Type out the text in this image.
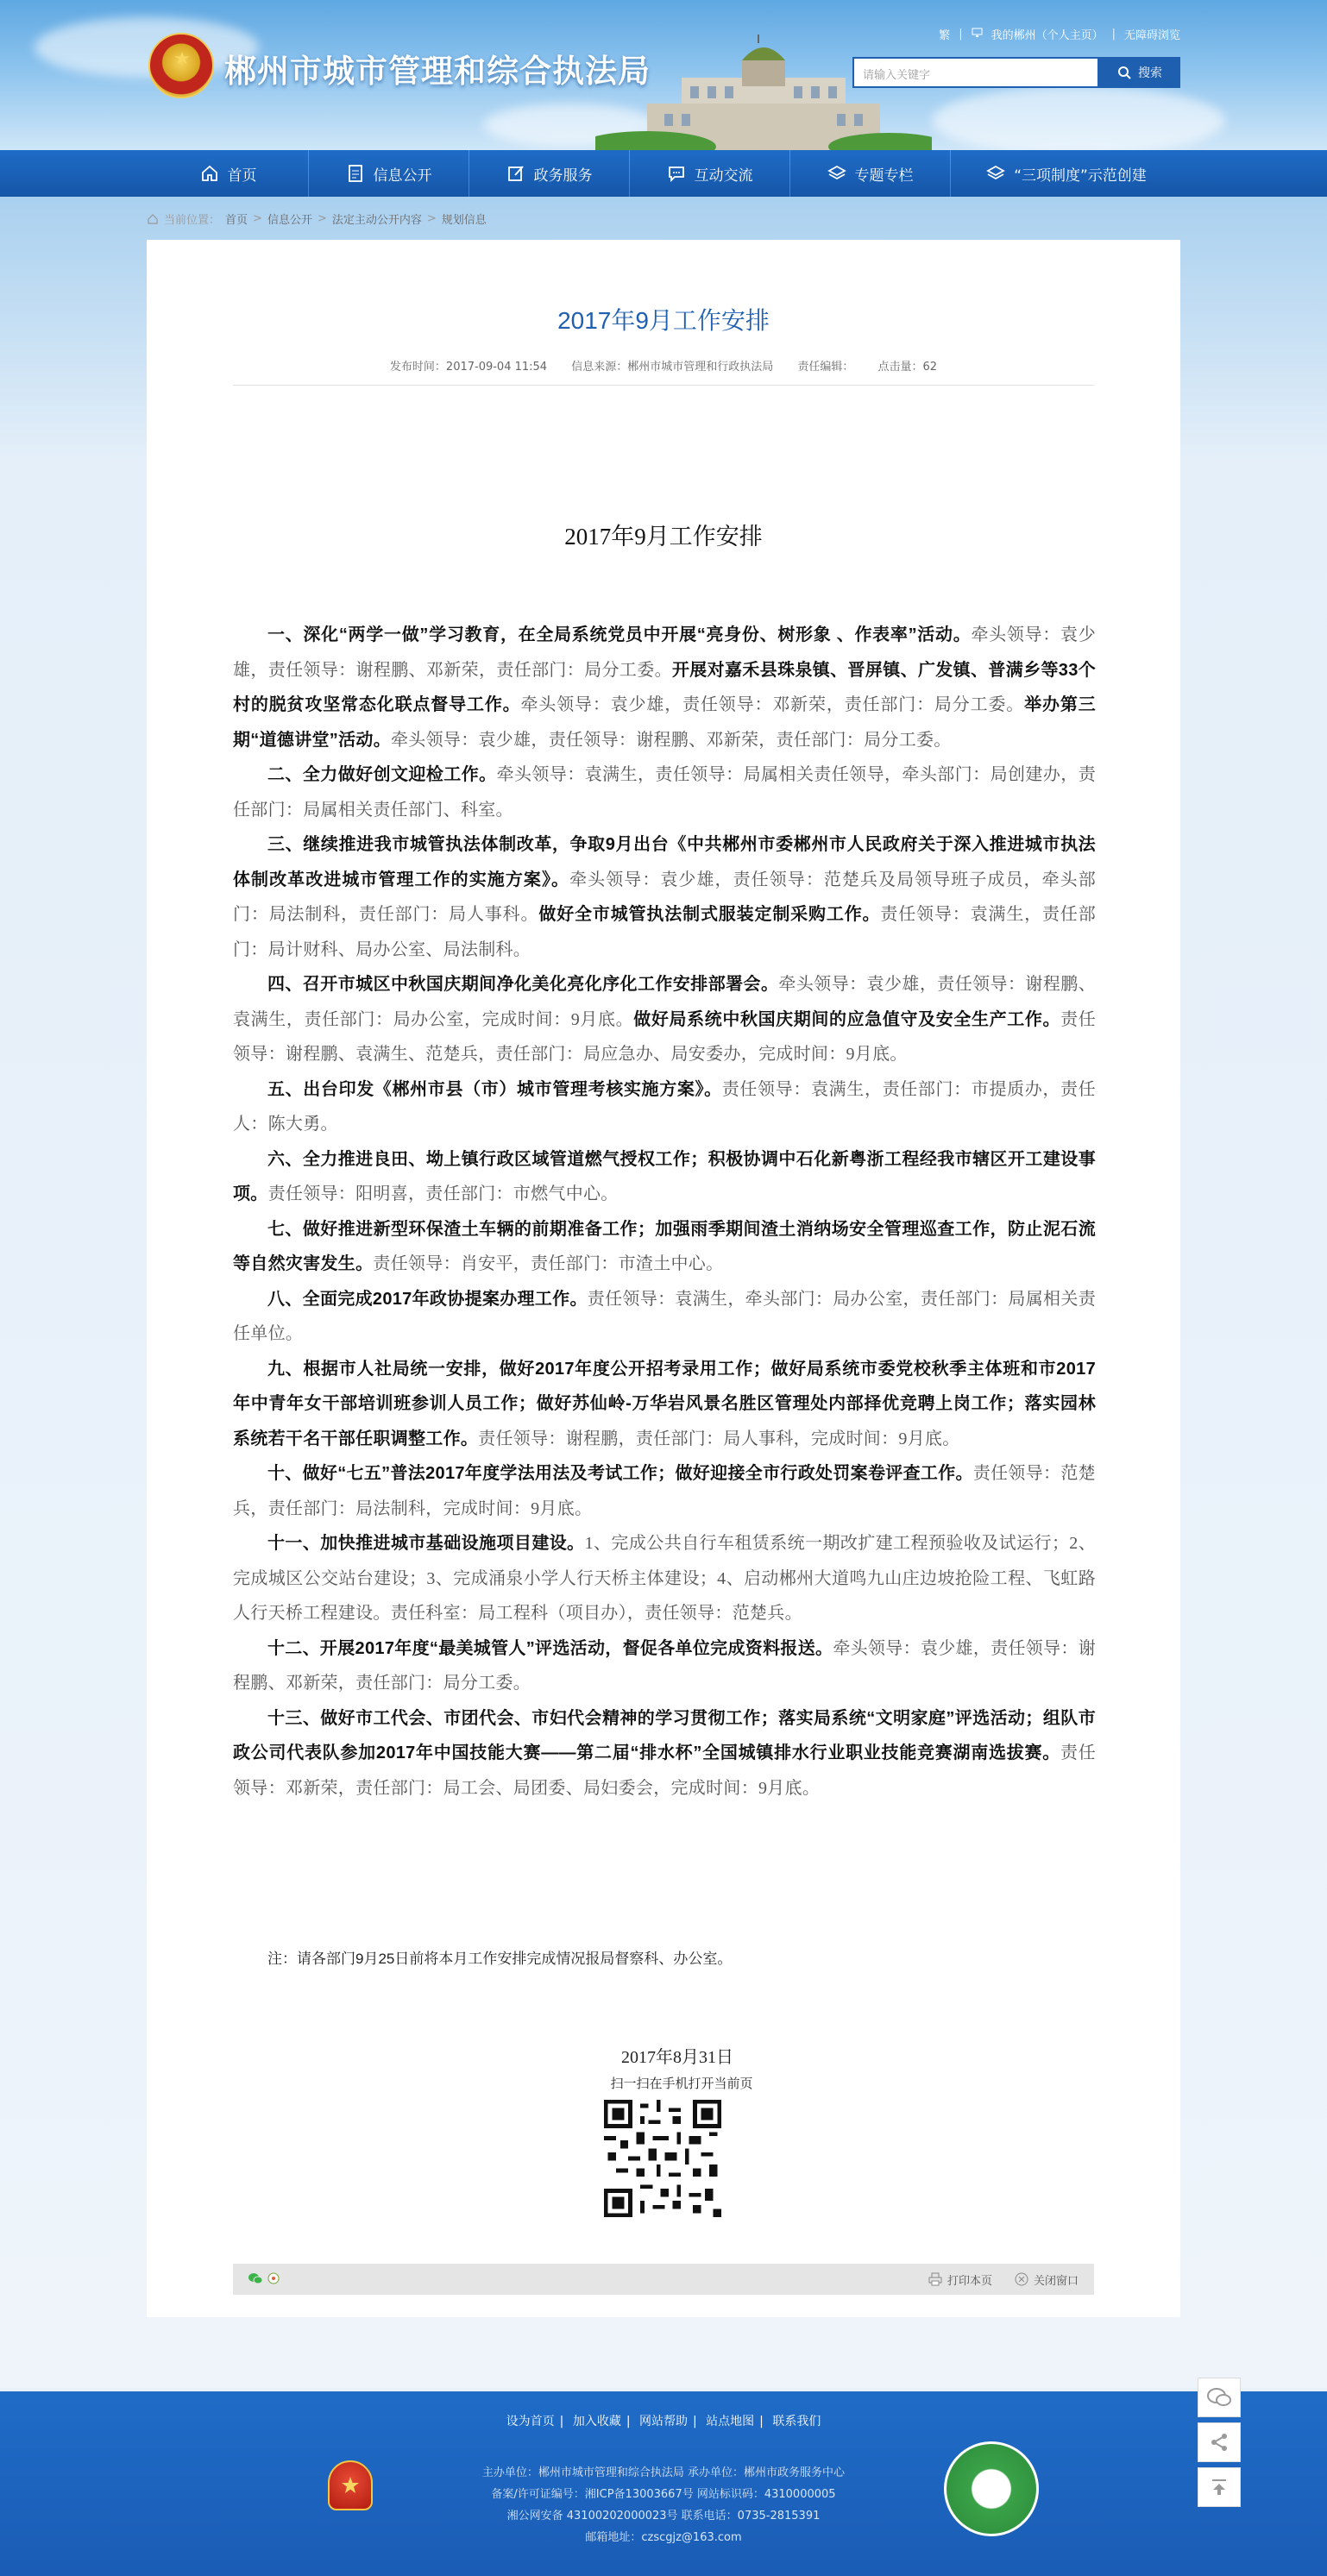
郴州市城市管理和综合执法局
繁 |	我的郴州（个人主页） | 无障碍浏览
请输入关键字	搜索
首页	信息公开	政务服务	互动交流	专题专栏	“三项制度”示范创建
当前位置： 首页 > 信息公开 > 法定主动公开内容 > 规划信息
2017年9月工作安排
发布时间：2017-09-04 11:54 信息来源：郴州市城市管理和行政执法局 责任编辑： 点击量：62
2017年9月工作安排

一、深化“两学一做”学习教育，在全局系统党员中开展“亮身份、树形象 、作表率”活动。牵头领导：袁少雄，责任领导：谢程鹏、邓新荣，责任部门：局分工委。开展对嘉禾县珠泉镇、晋屏镇、广发镇、普满乡等33个村的脱贫攻坚常态化联点督导工作。牵头领导：袁少雄，责任领导：邓新荣，责任部门：局分工委。举办第三期“道德讲堂”活动。牵头领导：袁少雄，责任领导：谢程鹏、邓新荣，责任部门：局分工委。

二、全力做好创文迎检工作。牵头领导：袁满生，责任领导：局属相关责任领导，牵头部门：局创建办，责任部门：局属相关责任部门、科室。

三、继续推进我市城管执法体制改革，争取9月出台《中共郴州市委郴州市人民政府关于深入推进城市执法体制改革改进城市管理工作的实施方案》。牵头领导：袁少雄，责任领导：范楚兵及局领导班子成员，牵头部门：局法制科，责任部门：局人事科。做好全市城管执法制式服装定制采购工作。责任领导：袁满生，责任部门：局计财科、局办公室、局法制科。

四、召开市城区中秋国庆期间净化美化亮化序化工作安排部署会。牵头领导：袁少雄，责任领导：谢程鹏、袁满生，责任部门：局办公室，完成时间：9月底。做好局系统中秋国庆期间的应急值守及安全生产工作。责任领导：谢程鹏、袁满生、范楚兵，责任部门：局应急办、局安委办，完成时间：9月底。

五、出台印发《郴州市县（市）城市管理考核实施方案》。责任领导：袁满生，责任部门：市提质办，责任人：陈大勇。

六、全力推进良田、坳上镇行政区域管道燃气授权工作；积极协调中石化新粤浙工程经我市辖区开工建设事项。责任领导：阳明喜，责任部门：市燃气中心。

七、做好推进新型环保渣土车辆的前期准备工作；加强雨季期间渣土消纳场安全管理巡查工作，防止泥石流等自然灾害发生。责任领导：肖安平，责任部门：市渣土中心。

八、全面完成2017年政协提案办理工作。责任领导：袁满生，牵头部门：局办公室，责任部门：局属相关责任单位。

九、根据市人社局统一安排，做好2017年度公开招考录用工作；做好局系统市委党校秋季主体班和市2017年中青年女干部培训班参训人员工作；做好苏仙岭-万华岩风景名胜区管理处内部择优竞聘上岗工作；落实园林系统若干名干部任职调整工作。责任领导：谢程鹏，责任部门：局人事科，完成时间：9月底。

十、做好“七五”普法2017年度学法用法及考试工作；做好迎接全市行政处罚案卷评查工作。责任领导：范楚兵，责任部门：局法制科，完成时间：9月底。

十一、加快推进城市基础设施项目建设。1、完成公共自行车租赁系统一期改扩建工程预验收及试运行；2、完成城区公交站台建设；3、完成涌泉小学人行天桥主体建设；4、启动郴州大道鸣九山庄边坡抢险工程、飞虹路人行天桥工程建设。责任科室：局工程科（项目办），责任领导：范楚兵。

十二、开展2017年度“最美城管人”评选活动，督促各单位完成资料报送。牵头领导：袁少雄，责任领导：谢程鹏、邓新荣，责任部门：局分工委。

十三、做好市工代会、市团代会、市妇代会精神的学习贯彻工作；落实局系统“文明家庭”评选活动；组队市政公司代表队参加2017年中国技能大赛——第二届“排水杯”全国城镇排水行业职业技能竞赛湖南选拔赛。责任领导：邓新荣，责任部门：局工会、局团委、局妇委会，完成时间：9月底。

注：请各部门9月25日前将本月工作安排完成情况报局督察科、办公室。
2017年8月31日
扫一扫在手机打开当前页
打印本页	关闭窗口
设为首页 | 加入收藏 | 网站帮助 | 站点地图 | 联系我们
主办单位：郴州市城市管理和综合执法局 承办单位：郴州市政务服务中心
备案/许可证编号：湘ICP备13003667号 网站标识码：4310000005
湘公网安备 43100202000023号 联系电话：0735-2815391
邮箱地址：czscgjz@163.com
